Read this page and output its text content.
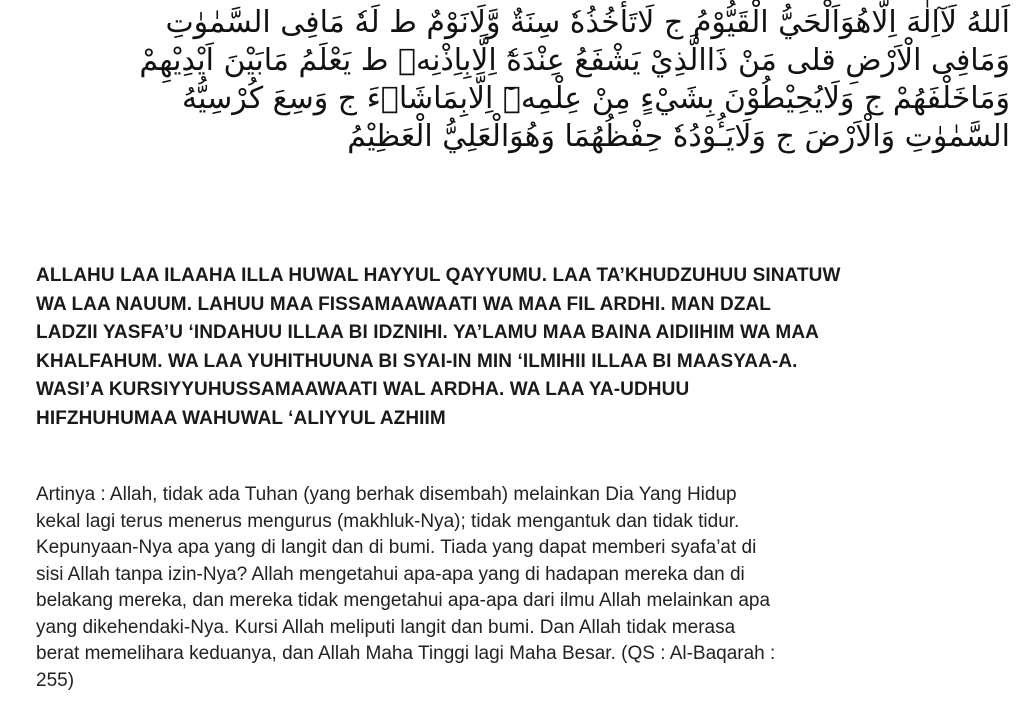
اَللهُ لَآاِلٰهَ اِلَّاهُوَاَلْحَيُّ الْقَيُّوْمُ ج لَاتَأْخُذُهٗ سِنَةٌ وَّلَانَوْمٌ ط لَهٗ مَافِى السَّمٰوٰتِ
وَمَافِى الْاَرْضِ قلى مَنْ ذَاالَّذِيْ يَشْفَعُ عِنْدَهٗٓ اِلَّابِاِذْنِهٖ ط يَعْلَمُ مَابَيْنَ اَيْدِيْهِمْ
وَمَاخَلْفَهُمْ ج وَلَايُحِيْطُوْنَ بِشَيْءٍ مِنْ عِلْمِهٖٓ اِلَّابِمَاشَاۤءَ ج وَسِعَ كُرْسِيُّهُ
السَّمٰوٰتِ وَالْاَرْضَ ج وَلَايَـُٔوْدُهٗ حِفْظُهُمَا وَهُوَالْعَلِيُّ الْعَظِيْمُ
ALLAHU LAA ILAAHA ILLA HUWAL HAYYUL QAYYUMU. LAA TA’KHUDZUHUU SINATUW
WA LAA NAUUM. LAHUU MAA FISSAMAAWAATI WA MAA FIL ARDHI. MAN DZAL
LADZII YASFA’U ‘INDAHUU ILLAA BI IDZNIHI. YA’LAMU MAA BAINA AIDIIHIM WA MAA
KHALFAHUM. WA LAA YUHITHUUNA BI SYAI-IN MIN ‘ILMIHII ILLAA BI MAASYAA-A.
WASI’A KURSIYYUHUSSAMAAWAATI WAL ARDHA. WA LAA YA-UDHUU
HIFZHUHUMAA WAHUWAL ‘ALIYYUL AZHIIM
Artinya : Allah, tidak ada Tuhan (yang berhak disembah) melainkan Dia Yang Hidup
kekal lagi terus menerus mengurus (makhluk-Nya); tidak mengantuk dan tidak tidur.
Kepunyaan-Nya apa yang di langit dan di bumi. Tiada yang dapat memberi syafa’at di
sisi Allah tanpa izin-Nya? Allah mengetahui apa-apa yang di hadapan mereka dan di
belakang mereka, dan mereka tidak mengetahui apa-apa dari ilmu Allah melainkan apa
yang dikehendaki-Nya. Kursi Allah meliputi langit dan bumi. Dan Allah tidak merasa
berat memelihara keduanya, dan Allah Maha Tinggi lagi Maha Besar. (QS : Al-Baqarah :
255)
